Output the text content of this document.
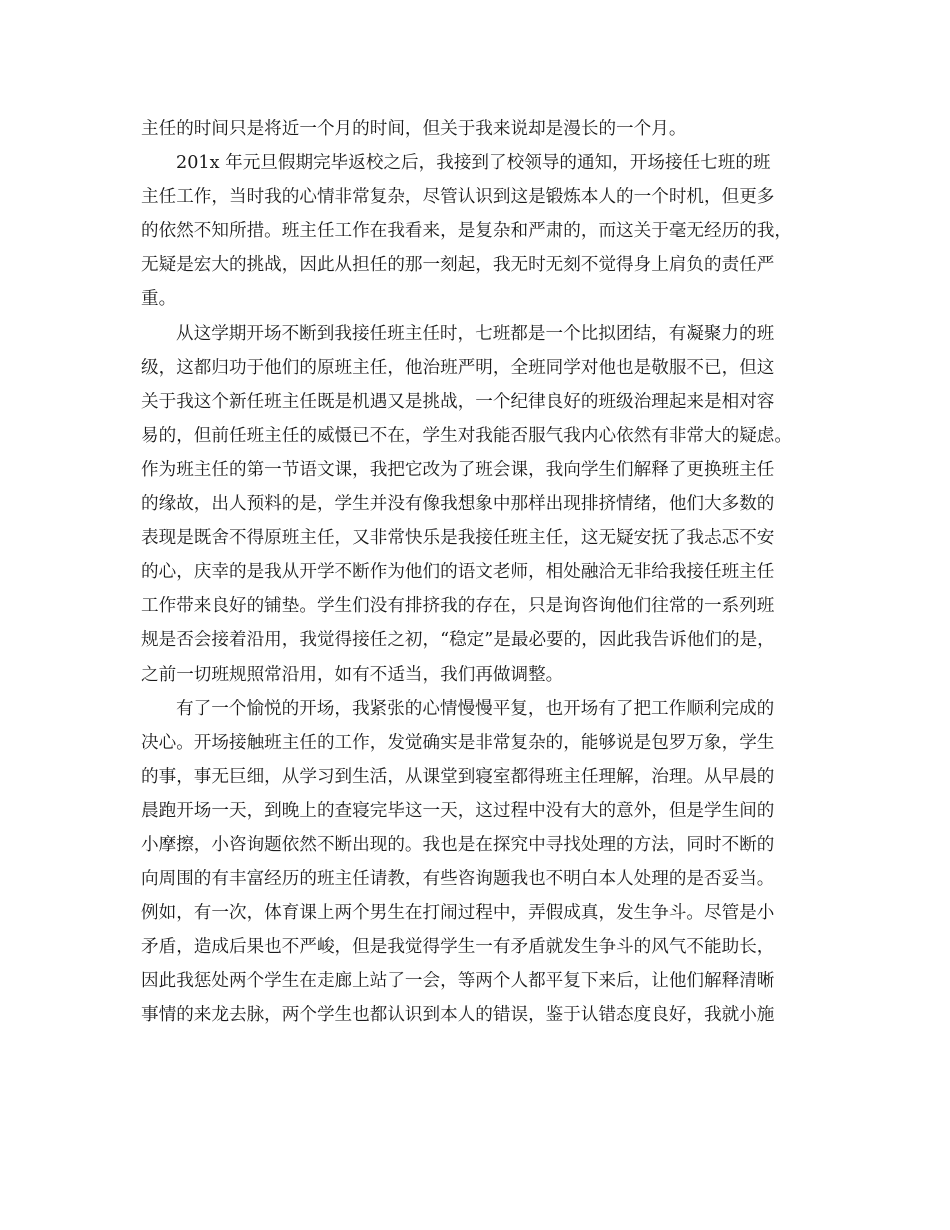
主任的时间只是将近一个月的时间，但关于我来说却是漫长的一个月。
201x 年元旦假期完毕返校之后，我接到了校领导的通知，开场接任七班的班
主任工作，当时我的心情非常复杂，尽管认识到这是锻炼本人的一个时机，但更多
的依然不知所措。班主任工作在我看来，是复杂和严肃的，而这关于毫无经历的我，
无疑是宏大的挑战，因此从担任的那一刻起，我无时无刻不觉得身上肩负的责任严
重。
从这学期开场不断到我接任班主任时，七班都是一个比拟团结，有凝聚力的班
级，这都归功于他们的原班主任，他治班严明，全班同学对他也是敬服不已，但这
关于我这个新任班主任既是机遇又是挑战，一个纪律良好的班级治理起来是相对容
易的，但前任班主任的威慑已不在，学生对我能否服气我内心依然有非常大的疑虑。
作为班主任的第一节语文课，我把它改为了班会课，我向学生们解释了更换班主任
的缘故，出人预料的是，学生并没有像我想象中那样出现排挤情绪，他们大多数的
表现是既舍不得原班主任，又非常快乐是我接任班主任，这无疑安抚了我忐忑不安
的心，庆幸的是我从开学不断作为他们的语文老师，相处融洽无非给我接任班主任
工作带来良好的铺垫。学生们没有排挤我的存在，只是询咨询他们往常的一系列班
规是否会接着沿用，我觉得接任之初，“稳定”是最必要的，因此我告诉他们的是，
之前一切班规照常沿用，如有不适当，我们再做调整。
有了一个愉悦的开场，我紧张的心情慢慢平复，也开场有了把工作顺利完成的
决心。开场接触班主任的工作，发觉确实是非常复杂的，能够说是包罗万象，学生
的事，事无巨细，从学习到生活，从课堂到寝室都得班主任理解，治理。从早晨的
晨跑开场一天，到晚上的查寝完毕这一天，这过程中没有大的意外，但是学生间的
小摩擦，小咨询题依然不断出现的。我也是在探究中寻找处理的方法，同时不断的
向周围的有丰富经历的班主任请教，有些咨询题我也不明白本人处理的是否妥当。
例如，有一次，体育课上两个男生在打闹过程中，弄假成真，发生争斗。尽管是小
矛盾，造成后果也不严峻，但是我觉得学生一有矛盾就发生争斗的风气不能助长，
因此我惩处两个学生在走廊上站了一会，等两个人都平复下来后，让他们解释清晰
事情的来龙去脉，两个学生也都认识到本人的错误，鉴于认错态度良好，我就小施
